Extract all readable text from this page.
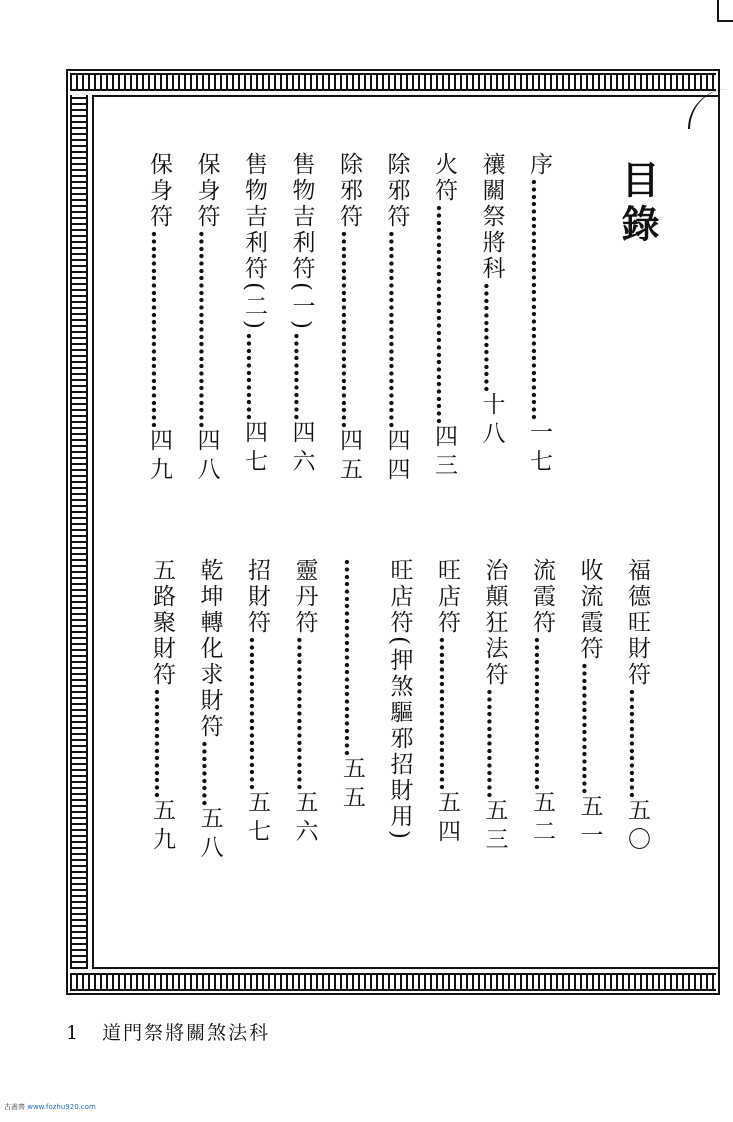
目錄
序……………………………一七
禳關祭將科……………十八
火符…………………………四三
除邪符………………………四四
除邪符………………………四五
售物吉利符(一)…………四六
售物吉利符(二)…………四七
保身符………………………四八
保身符………………………四九
福德旺財符……………五〇
收流霞符………………五一
流霞符…………………五二
治顛狂法符……………五三
旺店符…………………五四
旺店符(押煞驅邪招財用)
………………………五五
靈丹符…………………五六
招財符…………………五七
乾坤轉化求財符………五八
五路聚財符……………五九
1 道門祭將關煞法科
古善齊 www.fozhu920.com
